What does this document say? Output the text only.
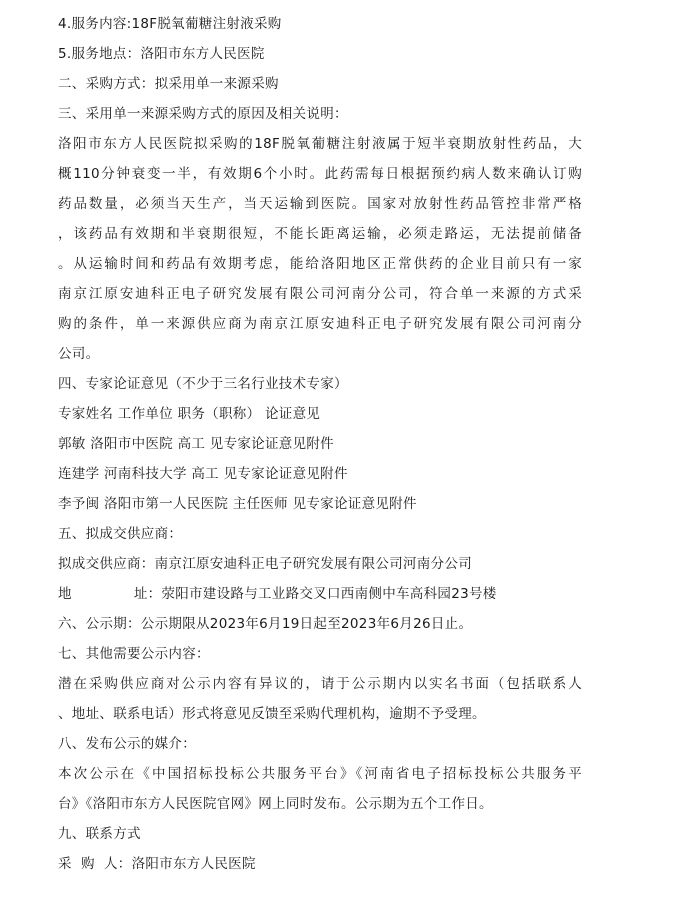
4.服务内容:18F脱氧葡糖注射液采购
5.服务地点：洛阳市东方人民医院
二、采购方式：拟采用单一来源采购
三、采用单一来源采购方式的原因及相关说明：
洛阳市东方人民医院拟采购的18F脱氧葡糖注射液属于短半衰期放射性药品，大
概110分钟衰变一半，有效期6个小时。此药需每日根据预约病人数来确认订购
药品数量，必须当天生产，当天运输到医院。国家对放射性药品管控非常严格
，该药品有效期和半衰期很短，不能长距离运输，必须走路运，无法提前储备
。从运输时间和药品有效期考虑，能给洛阳地区正常供药的企业目前只有一家
南京江原安迪科正电子研究发展有限公司河南分公司，符合单一来源的方式采
购的条件，单一来源供应商为南京江原安迪科正电子研究发展有限公司河南分
公司。
四、专家论证意见（不少于三名行业技术专家）
专家姓名 工作单位 职务（职称） 论证意见
郭敏 洛阳市中医院 高工 见专家论证意见附件
连建学 河南科技大学 高工 见专家论证意见附件
李予闽 洛阳市第一人民医院 主任医师 见专家论证意见附件
五、拟成交供应商：
拟成交供应商：南京江原安迪科正电子研究发展有限公司河南分公司
地	址：荥阳市建设路与工业路交叉口西南侧中车高科园23号楼
六、公示期：公示期限从2023年6月19日起至2023年6月26日止。
七、其他需要公示内容：
潜在采购供应商对公示内容有异议的，请于公示期内以实名书面（包括联系人
、地址、联系电话）形式将意见反馈至采购代理机构，逾期不予受理。
八、发布公示的媒介：
本次公示在《中国招标投标公共服务平台》《河南省电子招标投标公共服务平
台》《洛阳市东方人民医院官网》网上同时发布。公示期为五个工作日。
九、联系方式
采  购  人：洛阳市东方人民医院
